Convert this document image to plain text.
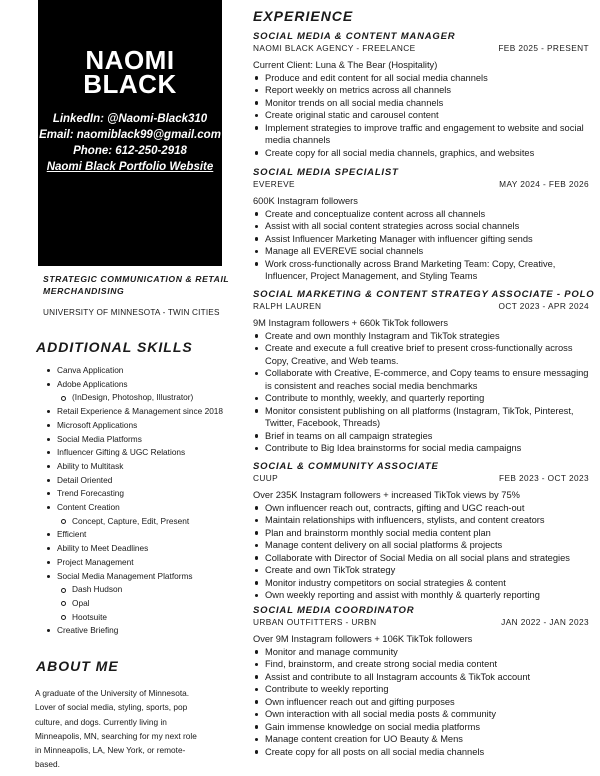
NAOMI
BLACK
LinkedIn: @Naomi-Black310
Email: naomiblack99@gmail.com
Phone: 612-250-2918
Naomi Black Portfolio Website
STRATEGIC COMMUNICATION & RETAIL MERCHANDISING
UNIVERSITY OF MINNESOTA - TWIN CITIES
ADDITIONAL SKILLS
Canva Application
Adobe Applications
(InDesign, Photoshop, Illustrator)
Retail Experience & Management since 2018
Microsoft Applications
Social Media Platforms
Influencer Gifting & UGC Relations
Ability to Multitask
Detail Oriented
Trend Forecasting
Content Creation
Concept, Capture, Edit, Present
Efficient
Ability to Meet Deadlines
Project Management
Social Media Management Platforms
Dash Hudson
Opal
Hootsuite
Creative Briefing
ABOUT ME
A graduate of the University of Minnesota. Lover of social media, styling, sports, pop culture, and dogs. Currently living in Minneapolis, MN, searching for my next role in Minneapolis, LA, New York, or remote-based.
EXPERIENCE
SOCIAL MEDIA & CONTENT MANAGER
NAOMI BLACK AGENCY - FREELANCE	FEB 2025 - PRESENT
Current Client: Luna & The Bear (Hospitality)
Produce and edit content for all social media channels
Report weekly on metrics across all channels
Monitor trends on all social media channels
Create original static and carousel content
Implement strategies to improve traffic and engagement to website and social media channels
Create copy for all social media channels, graphics, and websites
SOCIAL MEDIA SPECIALIST
EVEREVE	MAY 2024 - FEB 2026
600K Instagram followers
Create and conceptualize content across all channels
Assist with all social content strategies across social channels
Assist Influencer Marketing Manager with influencer gifting sends
Manage all EVEREVE social channels
Work cross-functionally across Brand Marketing Team: Copy, Creative, Influencer, Project Management, and Styling Teams
SOCIAL MARKETING & CONTENT STRATEGY ASSOCIATE - POLO
RALPH LAUREN	OCT 2023 - APR 2024
9M Instagram followers + 660k TikTok followers
Create and own monthly Instagram and TikTok strategies
Create and execute a full creative brief to present cross-functionally across Copy, Creative, and Web teams.
Collaborate with Creative, E-commerce, and Copy teams to ensure messaging is consistent and reaches social media benchmarks
Contribute to monthly, weekly, and quarterly reporting
Monitor consistent publishing on all platforms (Instagram, TikTok, Pinterest, Twitter, Facebook, Threads)
Brief in teams on all campaign strategies
Contribute to Big Idea brainstorms for social media campaigns
SOCIAL & COMMUNITY ASSOCIATE
CUUP	FEB 2023 - OCT 2023
Over 235K Instagram followers + increased TikTok views by 75%
Own influencer reach out, contracts, gifting and UGC reach-out
Maintain relationships with influencers, stylists, and content creators
Plan and brainstorm monthly social media content plan
Manage content delivery on all social platforms & projects
Collaborate with Director of Social Media on all social plans and strategies
Create and own TikTok strategy
Monitor industry competitors on social strategies & content
Own weekly reporting and assist with monthly & quarterly reporting
SOCIAL MEDIA COORDINATOR
URBAN OUTFITTERS - URBN	JAN 2022 - JAN 2023
Over 9M Instagram followers + 106K TikTok followers
Monitor and manage community
Find, brainstorm, and create strong social media content
Assist and contribute to all Instagram accounts & TikTok account
Contribute to weekly reporting
Own influencer reach out and gifting purposes
Own interaction with all social media posts & community
Gain immense knowledge on social media platforms
Manage content creation for UO Beauty & Mens
Create copy for all posts on all social media channels
